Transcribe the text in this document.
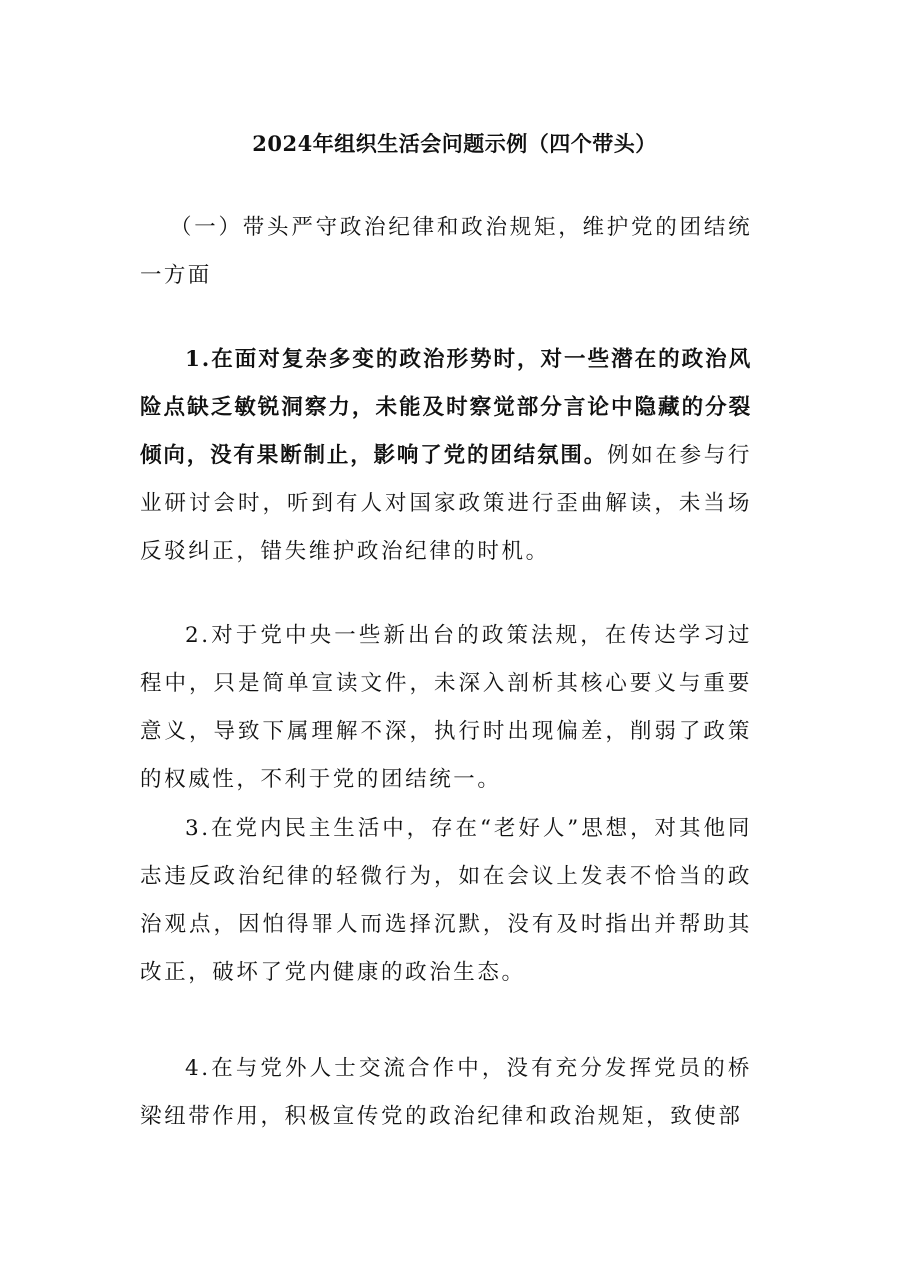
2024年组织生活会问题示例（四个带头）
（一）带头严守政治纪律和政治规矩，维护党的团结统一方面
1.在面对复杂多变的政治形势时，对一些潜在的政治风险点缺乏敏锐洞察力，未能及时察觉部分言论中隐藏的分裂倾向，没有果断制止，影响了党的团结氛围。例如在参与行业研讨会时，听到有人对国家政策进行歪曲解读，未当场反驳纠正，错失维护政治纪律的时机。
2.对于党中央一些新出台的政策法规，在传达学习过程中，只是简单宣读文件，未深入剖析其核心要义与重要意义，导致下属理解不深，执行时出现偏差，削弱了政策的权威性，不利于党的团结统一。
3.在党内民主生活中，存在“老好人”思想，对其他同志违反政治纪律的轻微行为，如在会议上发表不恰当的政治观点，因怕得罪人而选择沉默，没有及时指出并帮助其改正，破坏了党内健康的政治生态。
4.在与党外人士交流合作中，没有充分发挥党员的桥梁纽带作用，积极宣传党的政治纪律和政治规矩，致使部
